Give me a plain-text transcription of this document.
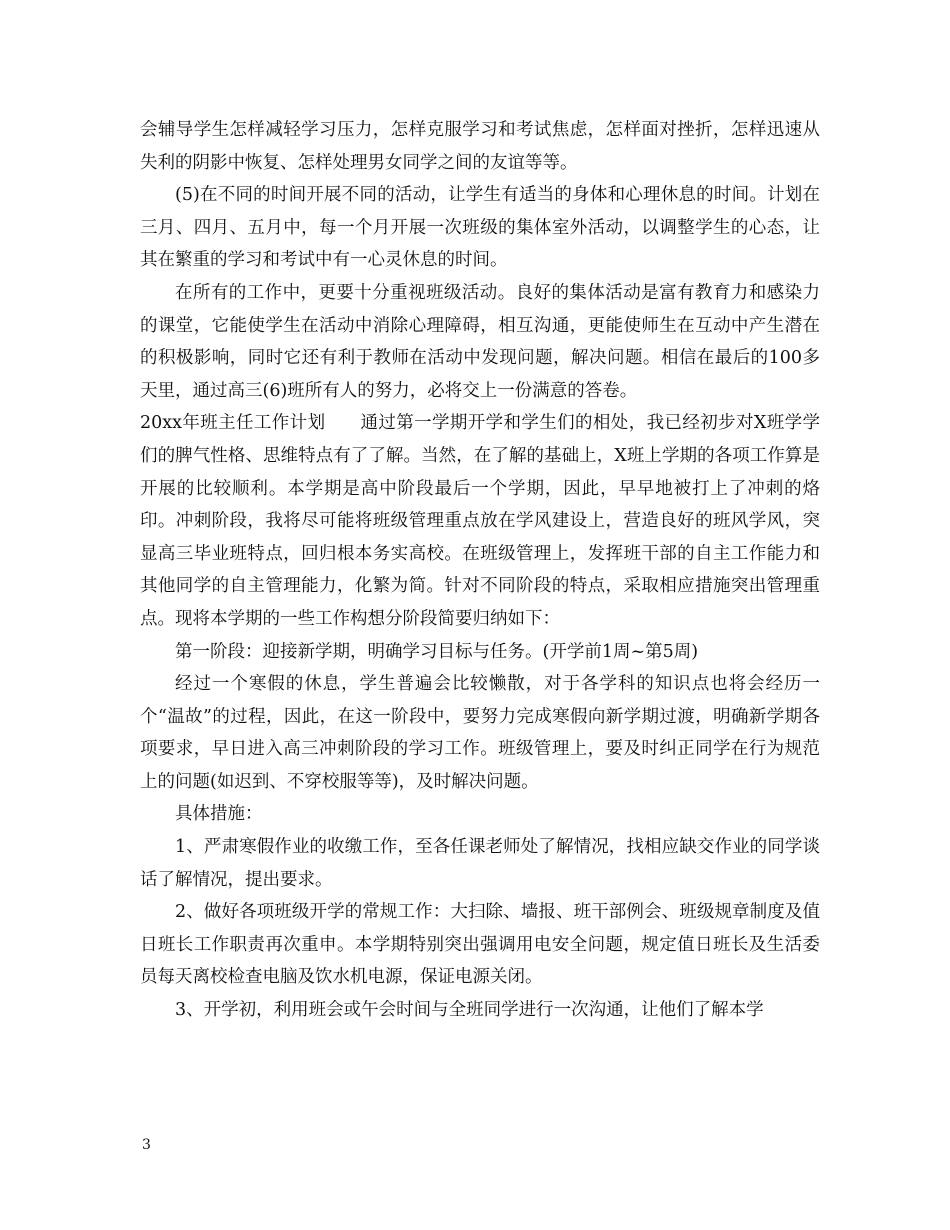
会辅导学生怎样减轻学习压力，怎样克服学习和考试焦虑，怎样面对挫折，怎样迅速从失利的阴影中恢复、怎样处理男女同学之间的友谊等等。

(5)在不同的时间开展不同的活动，让学生有适当的身体和心理休息的时间。计划在三月、四月、五月中，每一个月开展一次班级的集体室外活动，以调整学生的心态，让其在繁重的学习和考试中有一心灵休息的时间。

在所有的工作中，更要十分重视班级活动。良好的集体活动是富有教育力和感染力的课堂，它能使学生在活动中消除心理障碍，相互沟通，更能使师生在互动中产生潜在的积极影响，同时它还有利于教师在活动中发现问题，解决问题。相信在最后的100多天里，通过高三(6)班所有人的努力，必将交上一份满意的答卷。

20xx年班主任工作计划 通过第一学期开学和学生们的相处，我已经初步对X班学学们的脾气性格、思维特点有了了解。当然，在了解的基础上，X班上学期的各项工作算是开展的比较顺利。本学期是高中阶段最后一个学期，因此，早早地被打上了冲刺的烙印。冲刺阶段，我将尽可能将班级管理重点放在学风建设上，营造良好的班风学风，突显高三毕业班特点，回归根本务实高校。在班级管理上，发挥班干部的自主工作能力和其他同学的自主管理能力，化繁为简。针对不同阶段的特点，采取相应措施突出管理重点。现将本学期的一些工作构想分阶段简要归纳如下：

第一阶段：迎接新学期，明确学习目标与任务。(开学前1周~第5周)

经过一个寒假的休息，学生普遍会比较懒散，对于各学科的知识点也将会经历一个“温故”的过程，因此，在这一阶段中，要努力完成寒假向新学期过渡，明确新学期各项要求，早日进入高三冲刺阶段的学习工作。班级管理上，要及时纠正同学在行为规范上的问题(如迟到、不穿校服等等)，及时解决问题。

具体措施：

1、严肃寒假作业的收缴工作，至各任课老师处了解情况，找相应缺交作业的同学谈话了解情况，提出要求。

2、做好各项班级开学的常规工作：大扫除、墙报、班干部例会、班级规章制度及值日班长工作职责再次重申。本学期特别突出强调用电安全问题，规定值日班长及生活委员每天离校检查电脑及饮水机电源，保证电源关闭。

3、开学初，利用班会或午会时间与全班同学进行一次沟通，让他们了解本学

3
